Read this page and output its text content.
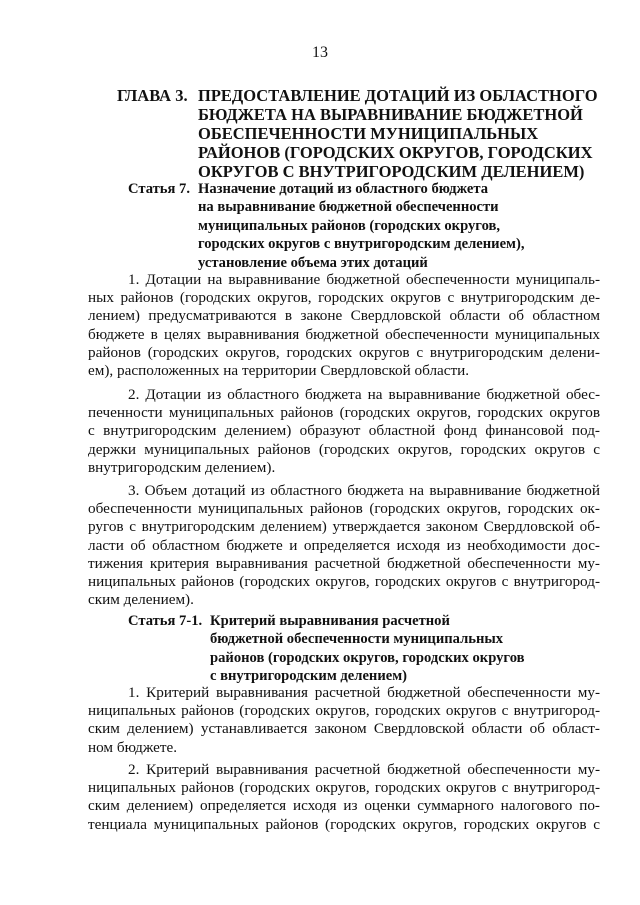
13
ГЛАВА 3. ПРЕДОСТАВЛЕНИЕ ДОТАЦИЙ ИЗ ОБЛАСТНОГО
БЮДЖЕТА НА ВЫРАВНИВАНИЕ БЮДЖЕТНОЙ
ОБЕСПЕЧЕННОСТИ МУНИЦИПАЛЬНЫХ
РАЙОНОВ (ГОРОДСКИХ ОКРУГОВ, ГОРОДСКИХ
ОКРУГОВ С ВНУТРИГОРОДСКИМ ДЕЛЕНИЕМ)
Статья 7. Назначение дотаций из областного бюджета
на выравнивание бюджетной обеспеченности
муниципальных районов (городских округов,
городских округов с внутригородским делением),
установление объема этих дотаций
1. Дотации на выравнивание бюджетной обеспеченности муниципаль-
ных районов (городских округов, городских округов с внутригородским де-
лением) предусматриваются в законе Свердловской области об областном
бюджете в целях выравнивания бюджетной обеспеченности муниципальных
районов (городских округов, городских округов с внутригородским делени-
ем), расположенных на территории Свердловской области.
2. Дотации из областного бюджета на выравнивание бюджетной обес-
печенности муниципальных районов (городских округов, городских округов
с внутригородским делением) образуют областной фонд финансовой под-
держки муниципальных районов (городских округов, городских округов с
внутригородским делением).
3. Объем дотаций из областного бюджета на выравнивание бюджетной
обеспеченности муниципальных районов (городских округов, городских ок-
ругов с внутригородским делением) утверждается законом Свердловской об-
ласти об областном бюджете и определяется исходя из необходимости дос-
тижения критерия выравнивания расчетной бюджетной обеспеченности му-
ниципальных районов (городских округов, городских округов с внутригород-
ским делением).
Статья 7-1. Критерий выравнивания расчетной
бюджетной обеспеченности муниципальных
районов (городских округов, городских округов
с внутригородским делением)
1. Критерий выравнивания расчетной бюджетной обеспеченности му-
ниципальных районов (городских округов, городских округов с внутригород-
ским делением) устанавливается законом Свердловской области об област-
ном бюджете.
2. Критерий выравнивания расчетной бюджетной обеспеченности му-
ниципальных районов (городских округов, городских округов с внутригород-
ским делением) определяется исходя из оценки суммарного налогового по-
тенциала муниципальных районов (городских округов, городских округов с
